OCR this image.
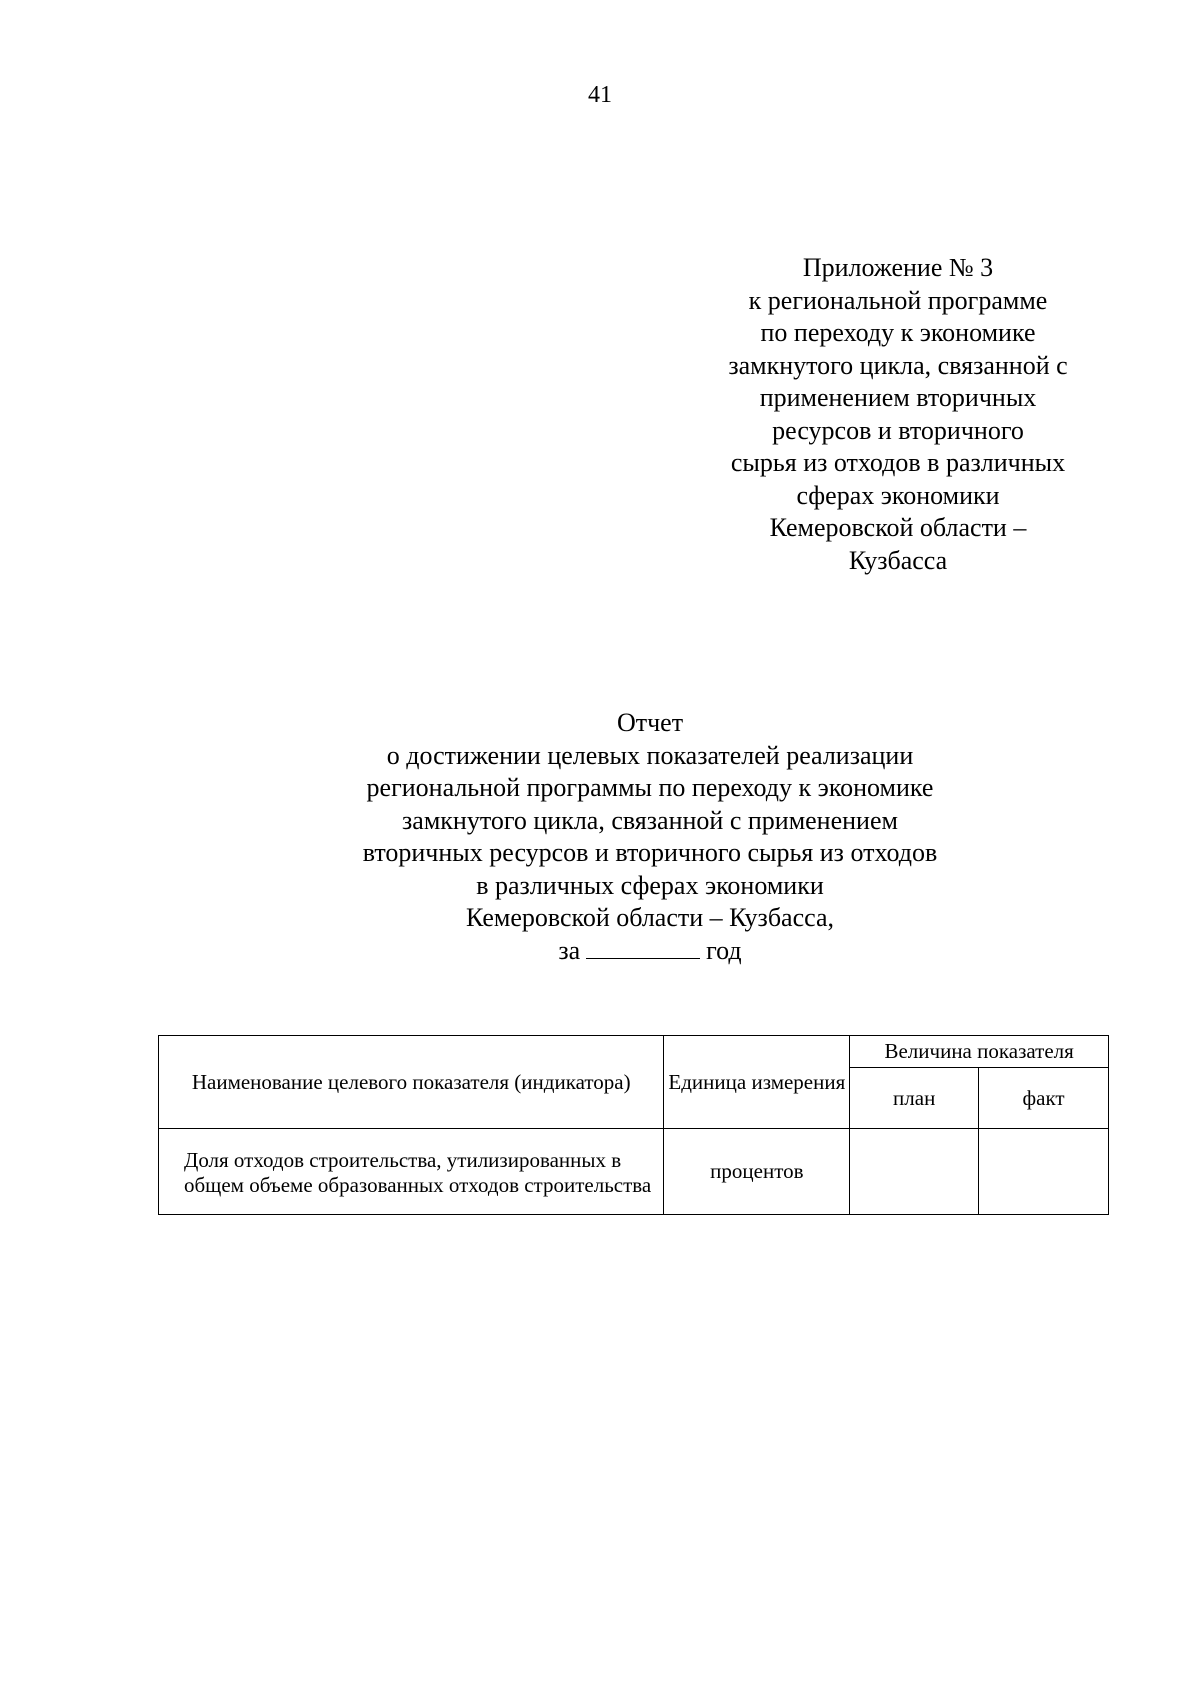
41
Приложение № 3
к региональной программе
по переходу к экономике
замкнутого цикла, связанной с
применением вторичных
ресурсов и вторичного
сырья из отходов в различных
сферах экономики
Кемеровской области –
Кузбасса
Отчет
о достижении целевых показателей реализации
региональной программы по переходу к экономике
замкнутого цикла, связанной с применением
вторичных ресурсов и вторичного сырья из отходов
в различных сферах экономики
Кемеровской области – Кузбасса,
за	год
Наименование целевого показателя (индикатора)	Единица измерения	Величина показателя	
		план	факт
Доля отходов строительства, утилизированных в общем объеме образованных отходов строительства	процентов		
